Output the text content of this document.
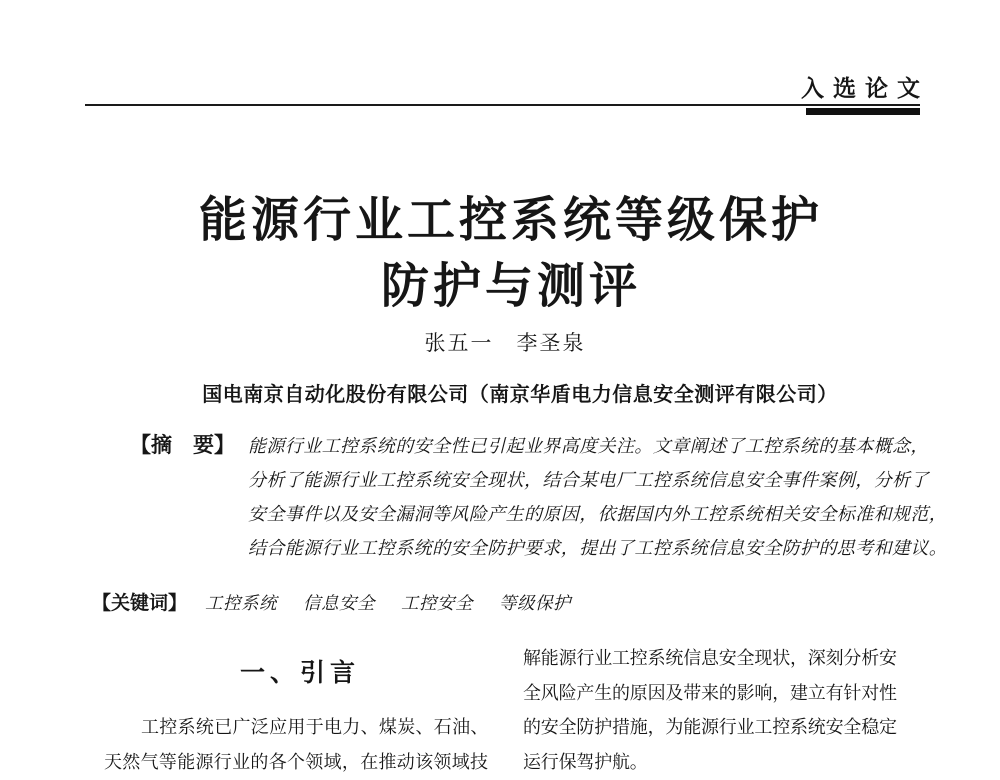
入选论文
能源行业工控系统等级保护
防护与测评
张五一　李圣泉
国电南京自动化股份有限公司（南京华盾电力信息安全测评有限公司）
【摘　要】 能源行业工控系统的安全性已引起业界高度关注。文章阐述了工控系统的基本概念，
分析了能源行业工控系统安全现状，结合某电厂工控系统信息安全事件案例，分析了
安全事件以及安全漏洞等风险产生的原因，依据国内外工控系统相关安全标准和规范，
结合能源行业工控系统的安全防护要求，提出了工控系统信息安全防护的思考和建议。
【关键词】 工控系统 信息安全 工控安全 等级保护
一、引言
工控系统已广泛应用于电力、煤炭、石油、
天然气等能源行业的各个领域，在推动该领域技
解能源行业工控系统信息安全现状，深刻分析安
全风险产生的原因及带来的影响，建立有针对性
的安全防护措施，为能源行业工控系统安全稳定
运行保驾护航。
